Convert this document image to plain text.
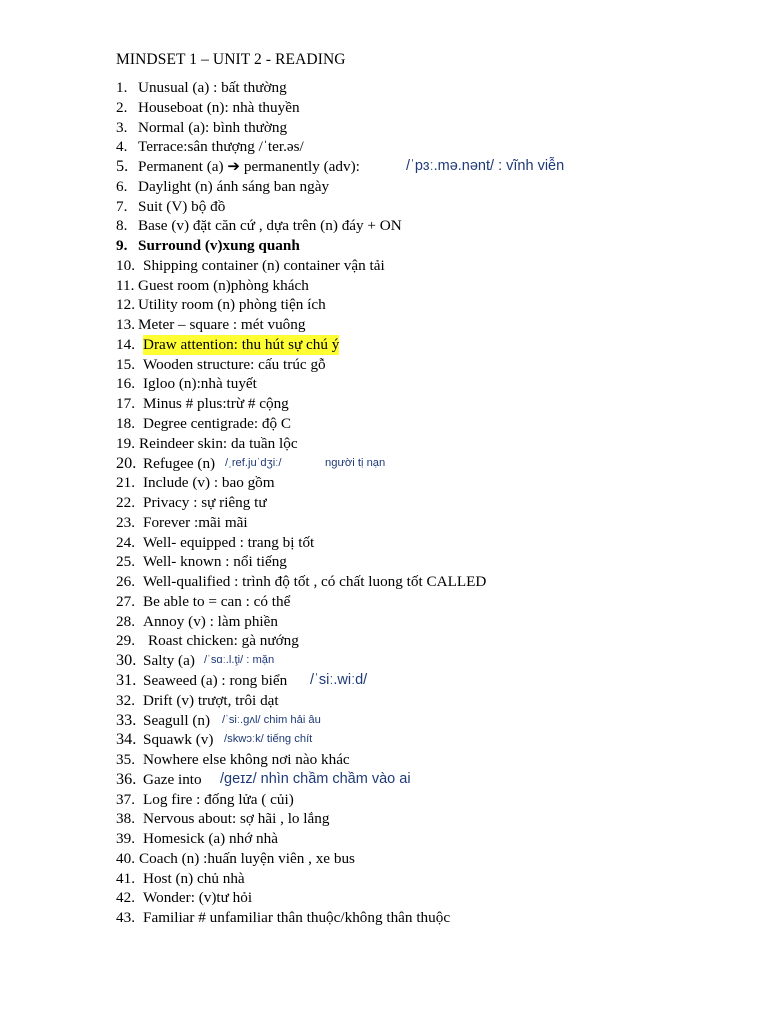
MINDSET 1 – UNIT 2 - READING
1. Unusual (a) : bất thường
2. Houseboat (n): nhà thuyền
3. Normal (a): bình thường
4. Terrace:sân thượng /ˈter.əs/
5. Permanent (a) ➔ permanently (adv):	/ˈpɜː.mə.nənt/ : vĩnh viễn
6. Daylight (n) ánh sáng ban ngày
7. Suit (V) bộ đồ
8. Base (v) đặt căn cứ , dựa trên (n) đáy + ON
9. Surround (v)xung quanh
10. Shipping container (n) container vận tải
11. Guest room (n)phòng khách
12. Utility room (n) phòng tiện ích
13. Meter – square : mét vuông
14. Draw attention: thu hút sự chú ý
15. Wooden structure: cấu trúc gỗ
16. Igloo (n):nhà tuyết
17. Minus # plus:trừ # cộng
18. Degree centigrade: độ C
19. Reindeer skin: da tuần lộc
20. Refugee (n) /ˌref.juˈdʒiː/	người tị nạn
21. Include (v) : bao gồm
22. Privacy : sự riêng tư
23. Forever :mãi mãi
24. Well- equipped : trang bị tốt
25. Well- known : nổi tiếng
26. Well-qualified : trình độ tốt , có chất luong tốt CALLED
27. Be able to = can : có thể
28. Annoy (v) : làm phiền
29. Roast chicken: gà nướng
30. Salty (a) /ˈsɑː.l.ţi/ : mặn
31. Seaweed (a) : rong biển /ˈsiː.wiːd/
32. Drift (v) trượt, trôi dạt
33. Seagull (n) /ˈsiː.ɡʌl/ chim hải âu
34. Squawk (v) /skwɔːk/ tiếng chít
35. Nowhere else không nơi nào khác
36. Gaze into /ɡeɪz/ nhìn chầm chầm vào ai
37. Log fire : đống lửa ( củi)
38. Nervous about: sợ hãi , lo lắng
39. Homesick (a) nhớ nhà
40. Coach (n) :huấn luyện viên , xe bus
41. Host (n) chủ nhà
42. Wonder: (v)tư hỏi
43. Familiar # unfamiliar thân thuộc/không thân thuộc
